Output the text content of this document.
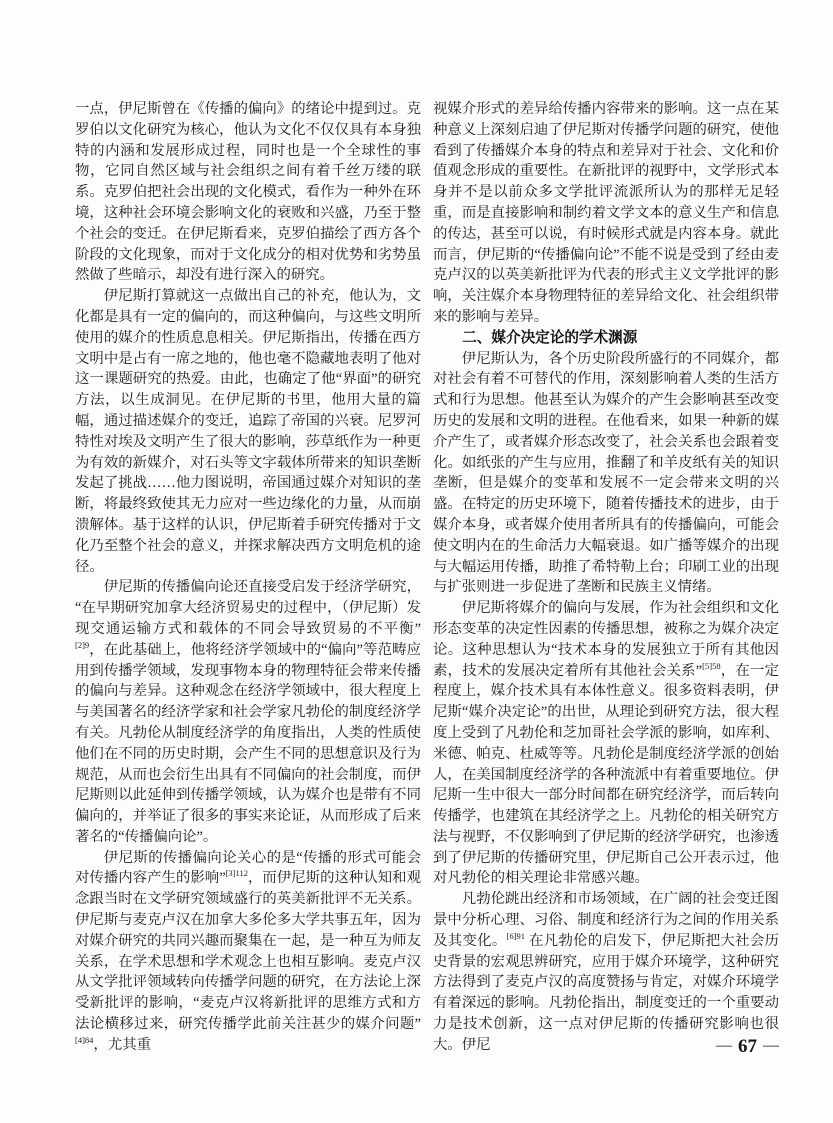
一点，伊尼斯曾在《传播的偏向》的绪论中提到过。克罗伯以文化研究为核心，他认为文化不仅仅具有本身独特的内涵和发展形成过程，同时也是一个全球性的事物，它同自然区域与社会组织之间有着千丝万缕的联系。克罗伯把社会出现的文化模式，看作为一种外在环境，这种社会环境会影响文化的衰败和兴盛，乃至于整个社会的变迁。在伊尼斯看来，克罗伯描绘了西方各个阶段的文化现象，而对于文化成分的相对优势和劣势虽然做了些暗示，却没有进行深入的研究。

伊尼斯打算就这一点做出自己的补充，他认为，文化都是具有一定的偏向的，而这种偏向，与这些文明所使用的媒介的性质息息相关。伊尼斯指出，传播在西方文明中是占有一席之地的，他也毫不隐藏地表明了他对这一课题研究的热爱。由此，也确定了他“界面”的研究方法，以生成洞见。在伊尼斯的书里，他用大量的篇幅，通过描述媒介的变迁，追踪了帝国的兴衰。尼罗河特性对埃及文明产生了很大的影响，莎草纸作为一种更为有效的新媒介，对石头等文字载体所带来的知识垄断发起了挑战……他力图说明，帝国通过媒介对知识的垄断，将最终致使其无力应对一些边缘化的力量，从而崩溃解体。基于这样的认识，伊尼斯着手研究传播对于文化乃至整个社会的意义，并探求解决西方文明危机的途径。

伊尼斯的传播偏向论还直接受启发于经济学研究，“在早期研究加拿大经济贸易史的过程中，（伊尼斯）发现交通运输方式和载体的不同会导致贸易的不平衡”$^{[2]9}$，在此基础上，他将经济学领域中的“偏向”等范畴应用到传播学领域，发现事物本身的物理特征会带来传播的偏向与差异。这种观念在经济学领域中，很大程度上与美国著名的经济学家和社会学家凡勃伦的制度经济学有关。凡勃伦从制度经济学的角度指出，人类的性质使他们在不同的历史时期，会产生不同的思想意识及行为规范，从而也会衍生出具有不同偏向的社会制度，而伊尼斯则以此延伸到传播学领域，认为媒介也是带有不同偏向的，并举证了很多的事实来论证，从而形成了后来著名的“传播偏向论”。

伊尼斯的传播偏向论关心的是“传播的形式可能会对传播内容产生的影响”$^{[3]112}$，而伊尼斯的这种认知和观念跟当时在文学研究领域盛行的英美新批评不无关系。伊尼斯与麦克卢汉在加拿大多伦多大学共事五年，因为对媒介研究的共同兴趣而聚集在一起，是一种互为师友关系，在学术思想和学术观念上也相互影响。麦克卢汉从文学批评领域转向传播学问题的研究，在方法论上深受新批评的影响，“麦克卢汉将新批评的思维方式和方法论横移过来，研究传播学此前关注甚少的媒介问题”$^{[4]84}$，尤其重

视媒介形式的差异给传播内容带来的影响。这一点在某种意义上深刻启迪了伊尼斯对传播学问题的研究，使他看到了传播媒介本身的特点和差异对于社会、文化和价值观念形成的重要性。在新批评的视野中，文学形式本身并不是以前众多文学批评流派所认为的那样无足轻重，而是直接影响和制约着文学文本的意义生产和信息的传达，甚至可以说，有时候形式就是内容本身。就此而言，伊尼斯的“传播偏向论”不能不说是受到了经由麦克卢汉的以英美新批评为代表的形式主义文学批评的影响，关注媒介本身物理特征的差异给文化、社会组织带来的影响与差异。

二、媒介决定论的学术渊源

伊尼斯认为，各个历史阶段所盛行的不同媒介，都对社会有着不可替代的作用，深刻影响着人类的生活方式和行为思想。他甚至认为媒介的产生会影响甚至改变历史的发展和文明的进程。在他看来，如果一种新的媒介产生了，或者媒介形态改变了，社会关系也会跟着变化。如纸张的产生与应用，推翻了和羊皮纸有关的知识垄断，但是媒介的变革和发展不一定会带来文明的兴盛。在特定的历史环境下，随着传播技术的进步，由于媒介本身，或者媒介使用者所具有的传播偏向，可能会使文明内在的生命活力大幅衰退。如广播等媒介的出现与大幅运用传播，助推了希特勒上台；印刷工业的出现与扩张则进一步促进了垄断和民族主义情绪。

伊尼斯将媒介的偏向与发展，作为社会组织和文化形态变革的决定性因素的传播思想，被称之为媒介决定论。这种思想认为“技术本身的发展独立于所有其他因素，技术的发展决定着所有其他社会关系”$^{[5]58}$，在一定程度上，媒介技术具有本体性意义。很多资料表明，伊尼斯“媒介决定论”的出世，从理论到研究方法，很大程度上受到了凡勃伦和芝加哥社会学派的影响，如库利、米德、帕克、杜威等等。凡勃伦是制度经济学派的创始人，在美国制度经济学的各种流派中有着重要地位。伊尼斯一生中很大一部分时间都在研究经济学，而后转向传播学，也建筑在其经济学之上。凡勃伦的相关研究方法与视野，不仅影响到了伊尼斯的经济学研究，也渗透到了伊尼斯的传播研究里，伊尼斯自己公开表示过，他对凡勃伦的相关理论非常感兴趣。

凡勃伦跳出经济和市场领域，在广阔的社会变迁图景中分析心理、习俗、制度和经济行为之间的作用关系及其变化。$^{[6]91}$ 在凡勃伦的启发下，伊尼斯把大社会历史背景的宏观思辨研究，应用于媒介环境学，这种研究方法得到了麦克卢汉的高度赞扬与肯定，对媒介环境学有着深远的影响。凡勃伦指出，制度变迁的一个重要动力是技术创新，这一点对伊尼斯的传播研究影响也很大。伊尼	— 67 —
